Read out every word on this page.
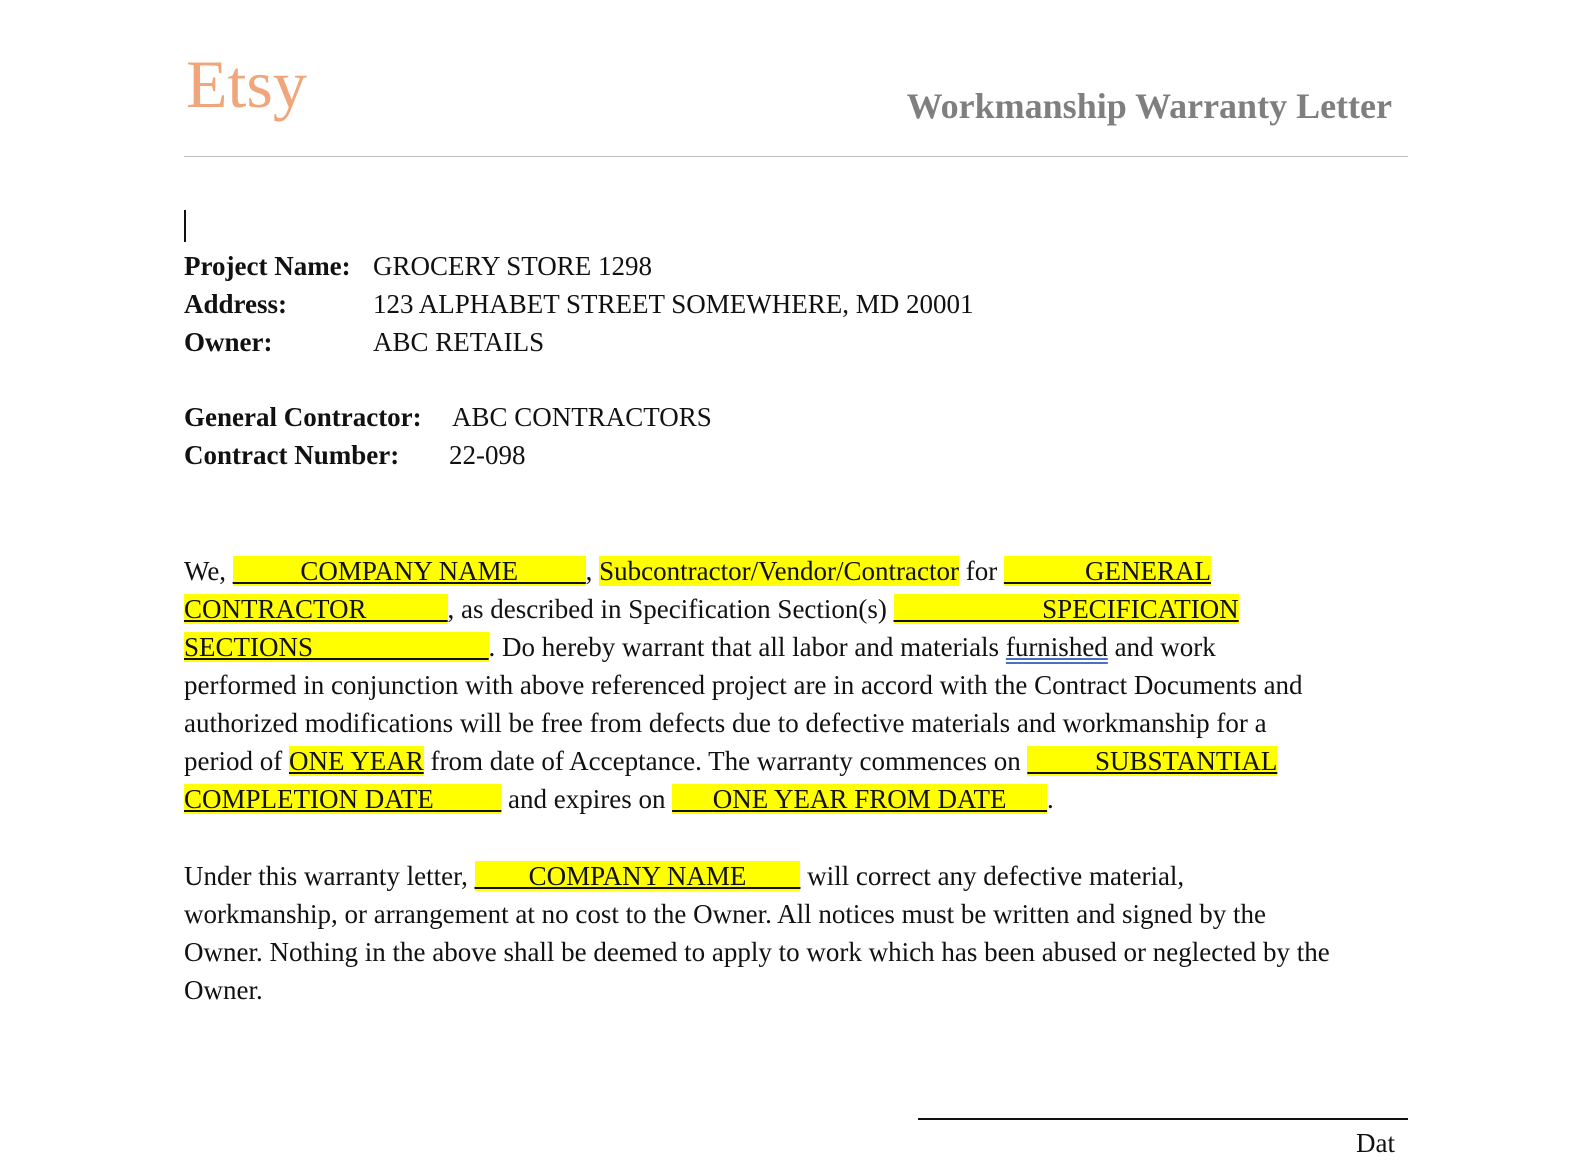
Etsy	Workmanship Warranty Letter
Project Name: GROCERY STORE 1298
Address:	123 ALPHABET STREET SOMEWHERE, MD 20001
Owner:	ABC RETAILS
General Contractor:	ABC CONTRACTORS
Contract Number:	22-098
We, _____COMPANY NAME_____, Subcontractor/Vendor/Contractor for ______GENERAL
CONTRACTOR______, as described in Specification Section(s) ___________SPECIFICATION
SECTIONS_____________. Do hereby warrant that all labor and materials furnished and work
performed in conjunction with above referenced project are in accord with the Contract Documents and
authorized modifications will be free from defects due to defective materials and workmanship for a
period of ONE YEAR from date of Acceptance. The warranty commences on _____SUBSTANTIAL
COMPLETION DATE_____ and expires on ___ONE YEAR FROM DATE___.
Under this warranty letter, ____COMPANY NAME____ will correct any defective material,
workmanship, or arrangement at no cost to the Owner. All notices must be written and signed by the
Owner. Nothing in the above shall be deemed to apply to work which has been abused or neglected by the
Owner.
Dat
